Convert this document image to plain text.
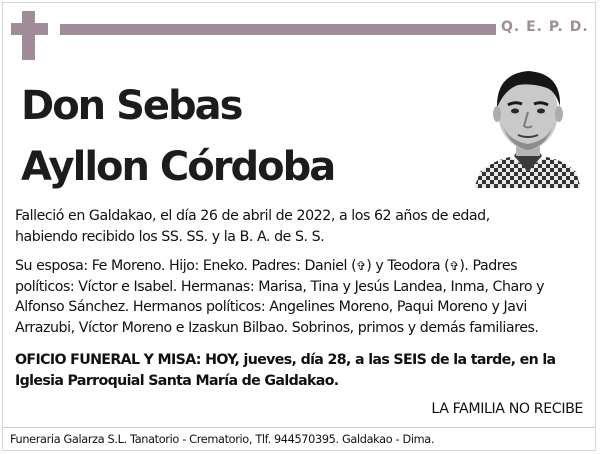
Q. E. P. D.
Don Sebas
Ayllon Córdoba
Falleció en Galdakao, el día 26 de abril de 2022, a los 62 años de edad,
habiendo recibido los SS. SS. y la B. A. de S. S.
Su esposa: Fe Moreno. Hijo: Eneko. Padres: Daniel (✞) y Teodora (✞). Padres
políticos: Víctor e Isabel. Hermanas: Marisa, Tina y Jesús Landea, Inma, Charo y
Alfonso Sánchez. Hermanos políticos: Angelines Moreno, Paqui Moreno y Javi
Arrazubi, Víctor Moreno e Izaskun Bilbao. Sobrinos, primos y demás familiares.
OFICIO FUNERAL Y MISA: HOY, jueves, día 28, a las SEIS de la tarde, en la
Iglesia Parroquial Santa María de Galdakao.
LA FAMILIA NO RECIBE
Funeraria Galarza S.L. Tanatorio - Crematorio, Tlf. 944570395. Galdakao - Dima.
